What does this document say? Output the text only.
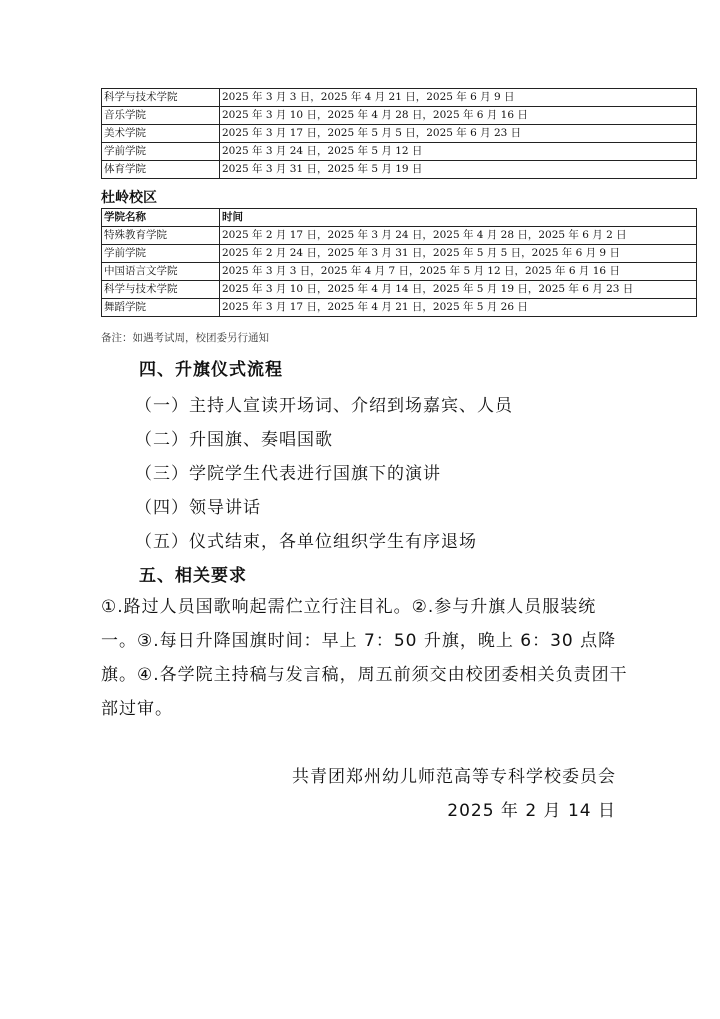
科学与技术学院	2025 年 3 月 3 日，2025 年 4 月 21 日，2025 年 6 月 9 日
音乐学院	2025 年 3 月 10 日，2025 年 4 月 28 日，2025 年 6 月 16 日
美术学院	2025 年 3 月 17 日，2025 年 5 月 5 日，2025 年 6 月 23 日
学前学院	2025 年 3 月 24 日，2025 年 5 月 12 日
体育学院	2025 年 3 月 31 日，2025 年 5 月 19 日
杜岭校区
学院名称	时间
特殊教育学院	2025 年 2 月 17 日，2025 年 3 月 24 日，2025 年 4 月 28 日，2025 年 6 月 2 日
学前学院	2025 年 2 月 24 日，2025 年 3 月 31 日，2025 年 5 月 5 日，2025 年 6 月 9 日
中国语言文学院	2025 年 3 月 3 日，2025 年 4 月 7 日，2025 年 5 月 12 日，2025 年 6 月 16 日
科学与技术学院	2025 年 3 月 10 日，2025 年 4 月 14 日，2025 年 5 月 19 日，2025 年 6 月 23 日
舞蹈学院	2025 年 3 月 17 日，2025 年 4 月 21 日，2025 年 5 月 26 日
备注：如遇考试周，校团委另行通知
四、升旗仪式流程
（一）主持人宣读开场词、介绍到场嘉宾、人员
（二）升国旗、奏唱国歌
（三）学院学生代表进行国旗下的演讲
（四）领导讲话
（五）仪式结束，各单位组织学生有序退场
五、相关要求
①.路过人员国歌响起需伫立行注目礼。②.参与升旗人员服装统一。③.每日升降国旗时间：早上 7：50 升旗，晚上 6：30 点降旗。④.各学院主持稿与发言稿，周五前须交由校团委相关负责团干部过审。
共青团郑州幼儿师范高等专科学校委员会
2025 年 2 月 14 日
